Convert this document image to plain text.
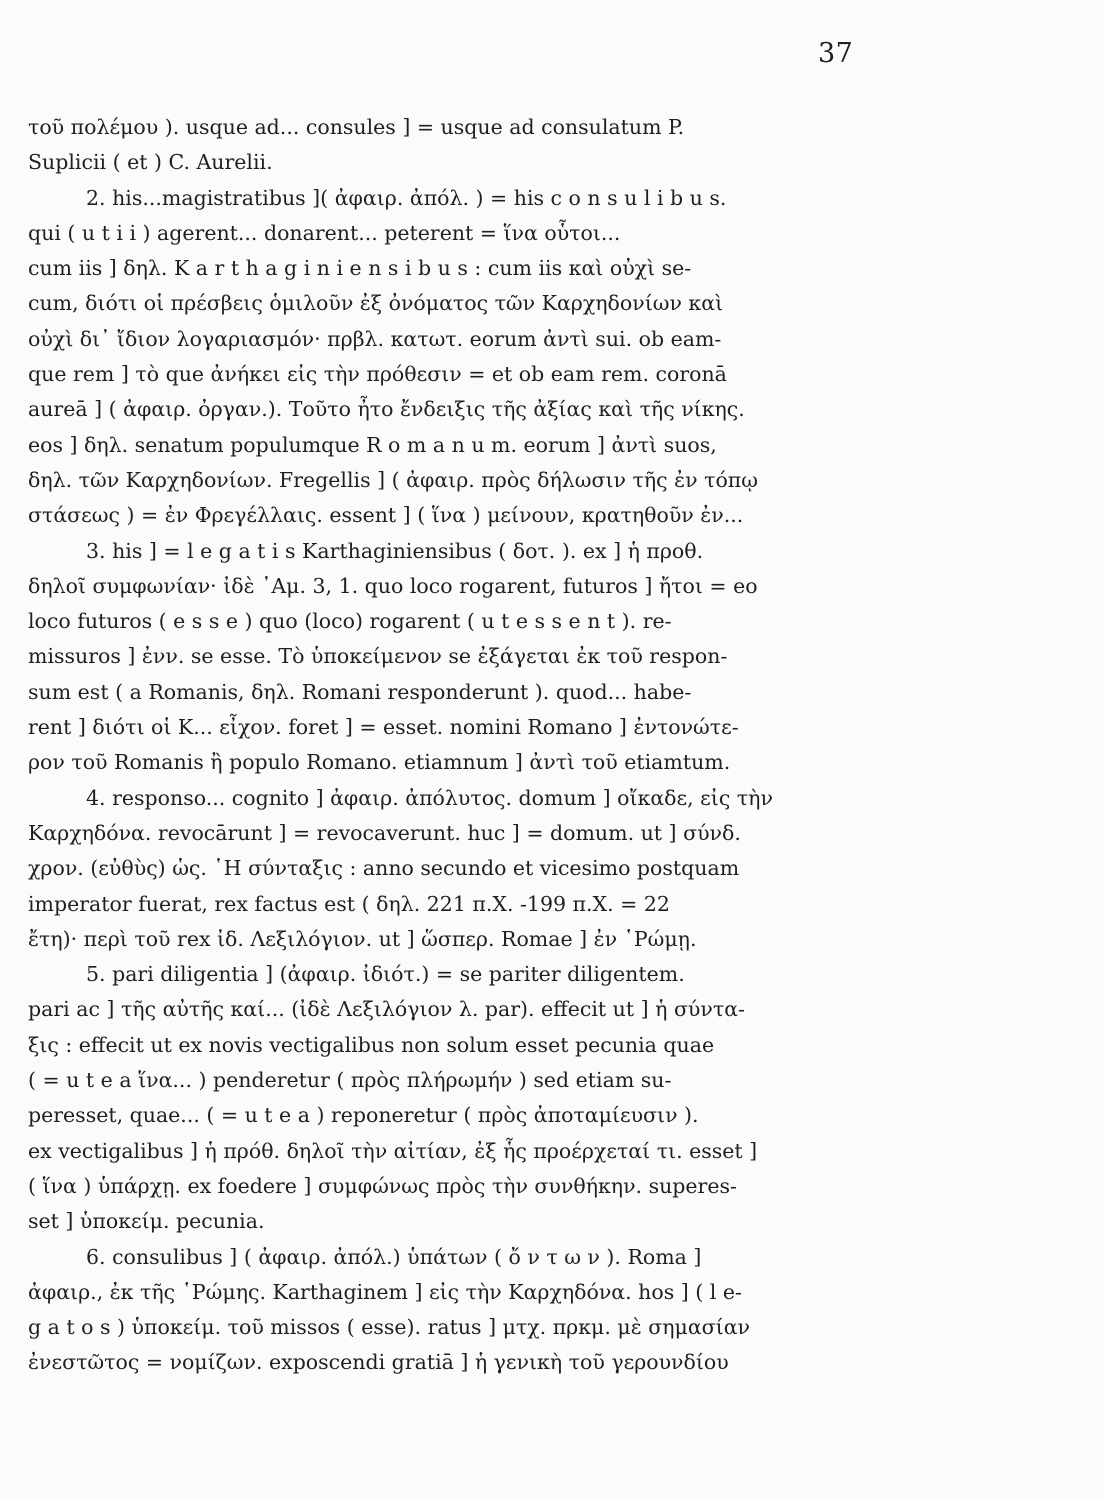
37
τοῦ πολέμου ). usque ad... consules ] = usque ad consulatum P.
Suplicii ( et ) C. Aurelii.
2. his...magistratibus ]( ἀφαιρ. ἀπόλ. ) = his c o n s u l i b u s.
qui ( u t i i ) agerent... donarent... peterent = ἵνα οὗτοι...
cum iis ] δηλ. K a r t h a g i n i e n s i b u s : cum iis καὶ οὐχὶ se-
cum, διότι οἱ πρέσβεις ὁμιλοῦν ἐξ ὀνόματος τῶν Καρχηδονίων καὶ
οὐχὶ δι᾽ ἴδιον λογαριασμόν· πρβλ. κατωτ. eorum ἀντὶ sui. ob eam-
que rem ] τὸ que ἀνήκει εἰς τὴν πρόθεσιν = et ob eam rem. coronā
aureā ] ( ἀφαιρ. ὀργαν.). Τοῦτο ἦτο ἔνδειξις τῆς ἀξίας καὶ τῆς νίκης.
eos ] δηλ. senatum populumque R o m a n u m. eorum ] ἀντὶ suos,
δηλ. τῶν Καρχηδονίων. Fregellis ] ( ἀφαιρ. πρὸς δήλωσιν τῆς ἐν τόπῳ
στάσεως ) = ἐν Φρεγέλλαις. essent ] ( ἵνα ) μείνουν, κρατηθοῦν ἐν...
3. his ] = l e g a t i s Karthaginiensibus ( δοτ. ). ex ] ἡ προθ.
δηλοῖ συμφωνίαν· ἰδὲ ᾿Αμ. 3, 1. quo loco rogarent, futuros ] ἤτοι = eo
loco futuros ( e s s e ) quo (loco) rogarent ( u t e s s e n t ). re-
missuros ] ἐνν. se esse. Τὸ ὑποκείμενον se ἐξάγεται ἐκ τοῦ respon-
sum est ( a Romanis, δηλ. Romani responderunt ). quod... habe-
rent ] διότι οἱ K... εἶχον. foret ] = esset. nomini Romano ] ἐντονώτε-
ρον τοῦ Romanis ἢ populo Romano. etiamnum ] ἀντὶ τοῦ etiamtum.
4. responso... cognito ] ἀφαιρ. ἀπόλυτος. domum ] οἴκαδε, εἰς τὴν
Καρχηδόνα. revocārunt ] = revocaverunt. huc ] = domum. ut ] σύνδ.
χρον. (εὐθὺς) ὡς. ῾Η σύνταξις : anno secundo et vicesimo postquam
imperator fuerat, rex factus est ( δηλ. 221 π.Χ. -199 π.Χ. = 22
ἔτη)· περὶ τοῦ rex ἰδ. Λεξιλόγιον. ut ] ὥσπερ. Romae ] ἐν ῾Ρώμῃ.
5. pari diligentia ] (ἀφαιρ. ἰδιότ.) = se pariter diligentem.
pari ac ] τῆς αὐτῆς καί... (ἰδὲ Λεξιλόγιον λ. par). effecit ut ] ἡ σύντα-
ξις : effecit ut ex novis vectigalibus non solum esset pecunia quae
( = u t e a ἵνα... ) penderetur ( πρὸς πλήρωμήν ) sed etiam su-
peresset, quae... ( = u t e a ) reponeretur ( πρὸς ἀποταμίευσιν ).
ex vectigalibus ] ἡ πρόθ. δηλοῖ τὴν αἰτίαν, ἐξ ἧς προέρχεταί τι. esset ]
( ἵνα ) ὑπάρχῃ. ex foedere ] συμφώνως πρὸς τὴν συνθήκην. superes-
set ] ὑποκείμ. pecunia.
6. consulibus ] ( ἀφαιρ. ἀπόλ.) ὑπάτων ( ὄ ν τ ω ν ). Roma ]
ἀφαιρ., ἐκ τῆς ῾Ρώμης. Karthaginem ] εἰς τὴν Καρχηδόνα. hos ] ( l e-
g a t o s ) ὑποκείμ. τοῦ missos ( esse). ratus ] μτχ. πρκμ. μὲ σημασίαν
ἐνεστῶτος = νομίζων. exposcendi gratiā ] ἡ γενικὴ τοῦ γερουνδίου
